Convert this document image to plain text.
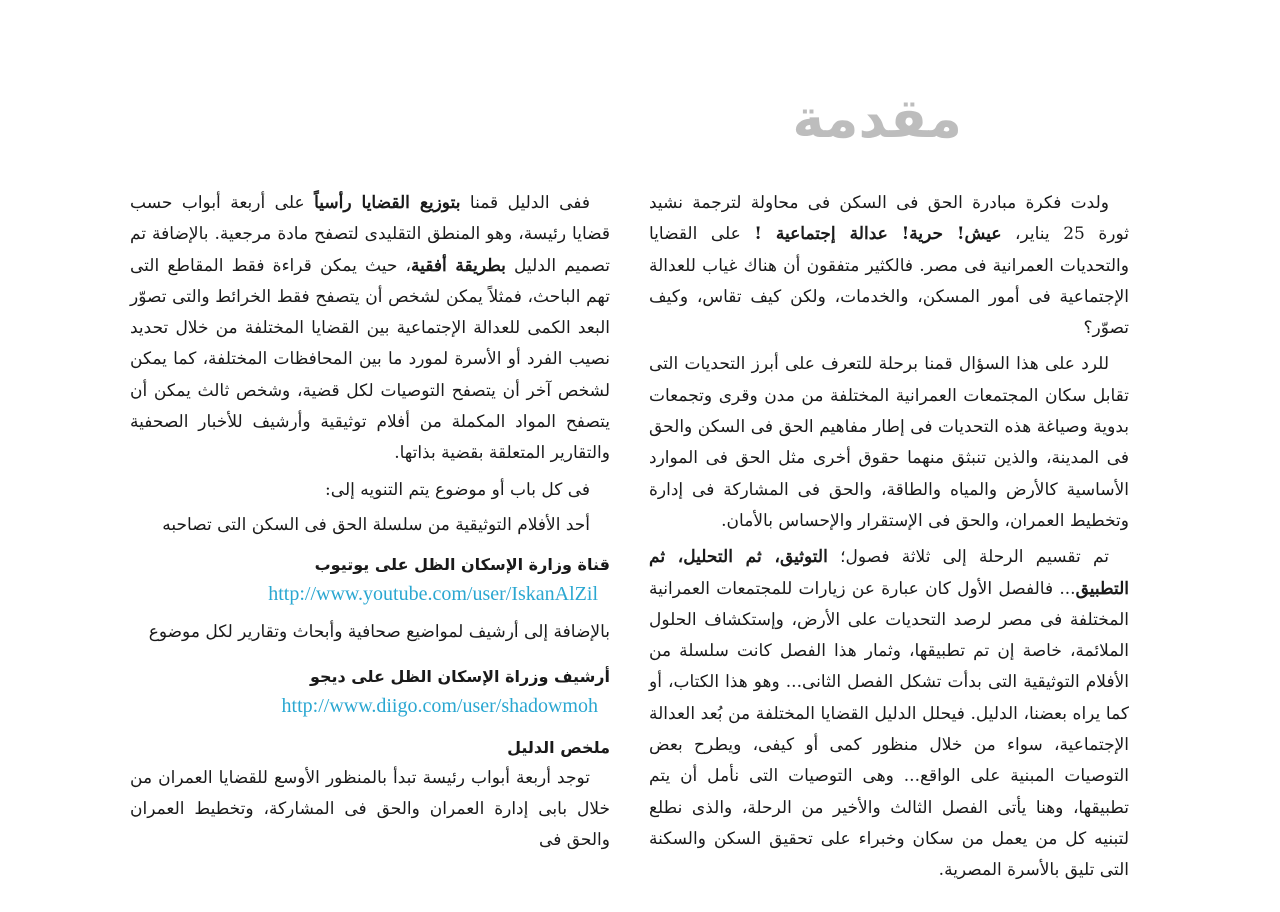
مقدمة

ولدت فكرة مبادرة الحق فى السكن فى محاولة لترجمة نشيد ثورة 25 يناير، عيش! حرية! عدالة إجتماعية ! على القضايا والتحديات العمرانية فى مصر. فالكثير متفقون أن هناك غياب للعدالة الإجتماعية فى أمور المسكن، والخدمات، ولكن كيف تقاس، وكيف تصوّر؟

للرد على هذا السؤال قمنا برحلة للتعرف على أبرز التحديات التى تقابل سكان المجتمعات العمرانية المختلفة من مدن وقرى وتجمعات بدوية وصياغة هذه التحديات فى إطار مفاهيم الحق فى السكن والحق فى المدينة، والذين تنبثق منهما حقوق أخرى مثل الحق فى الموارد الأساسية كالأرض والمياه والطاقة، والحق فى المشاركة فى إدارة وتخطيط العمران، والحق فى الإستقرار والإحساس بالأمان.

تم تقسيم الرحلة إلى ثلاثة فصول؛ التوثيق، ثم التحليل، ثم التطبيق... فالفصل الأول كان عبارة عن زيارات للمجتمعات العمرانية المختلفة فى مصر لرصد التحديات على الأرض، وإستكشاف الحلول الملائمة، خاصة إن تم تطبيقها، وثمار هذا الفصل كانت سلسلة من الأفلام التوثيقية التى بدأت تشكل الفصل الثانى... وهو هذا الكتاب، أو كما يراه بعضنا، الدليل. فيحلل الدليل القضايا المختلفة من بُعد العدالة الإجتماعية، سواء من خلال منظور كمى أو كيفى، ويطرح بعض التوصيات المبنية على الواقع... وهى التوصيات التى نأمل أن يتم تطبيقها، وهنا يأتى الفصل الثالث والأخير من الرحلة، والذى نطلع لتبنيه كل من يعمل من سكان وخبراء على تحقيق السكن والسكنة التى تليق بالأسرة المصرية.

ففى الدليل قمنا بتوزيع القضايا رأسياً على أربعة أبواب حسب قضايا رئيسة، وهو المنطق التقليدى لتصفح مادة مرجعية. بالإضافة تم تصميم الدليل بطريقة أفقية، حيث يمكن قراءة فقط المقاطع التى تهم الباحث، فمثلاً يمكن لشخص أن يتصفح فقط الخرائط والتى تصوّر البعد الكمى للعدالة الإجتماعية بين القضايا المختلفة من خلال تحديد نصيب الفرد أو الأسرة لمورد ما بين المحافظات المختلفة، كما يمكن لشخص آخر أن يتصفح التوصيات لكل قضية، وشخص ثالث يمكن أن يتصفح المواد المكملة من أفلام توثيقية وأرشيف للأخبار الصحفية والتقارير المتعلقة بقضية بذاتها.

فى كل باب أو موضوع يتم التنويه إلى:

أحد الأفلام التوثيقية من سلسلة الحق فى السكن التى تصاحبه

قناة وزارة الإسكان الظل على يوتيوب
http://www.youtube.com/user/IskanAlZil

بالإضافة إلى أرشيف لمواضيع صحافية وأبحاث وتقارير لكل موضوع

أرشيف وزراة الإسكان الظل على ديجو
http://www.diigo.com/user/shadowmoh
ملخص الدليل

توجد أربعة أبواب رئيسة تبدأ بالمنظور الأوسع للقضايا العمران من خلال بابى إدارة العمران والحق فى المشاركة، وتخطيط العمران والحق فى
